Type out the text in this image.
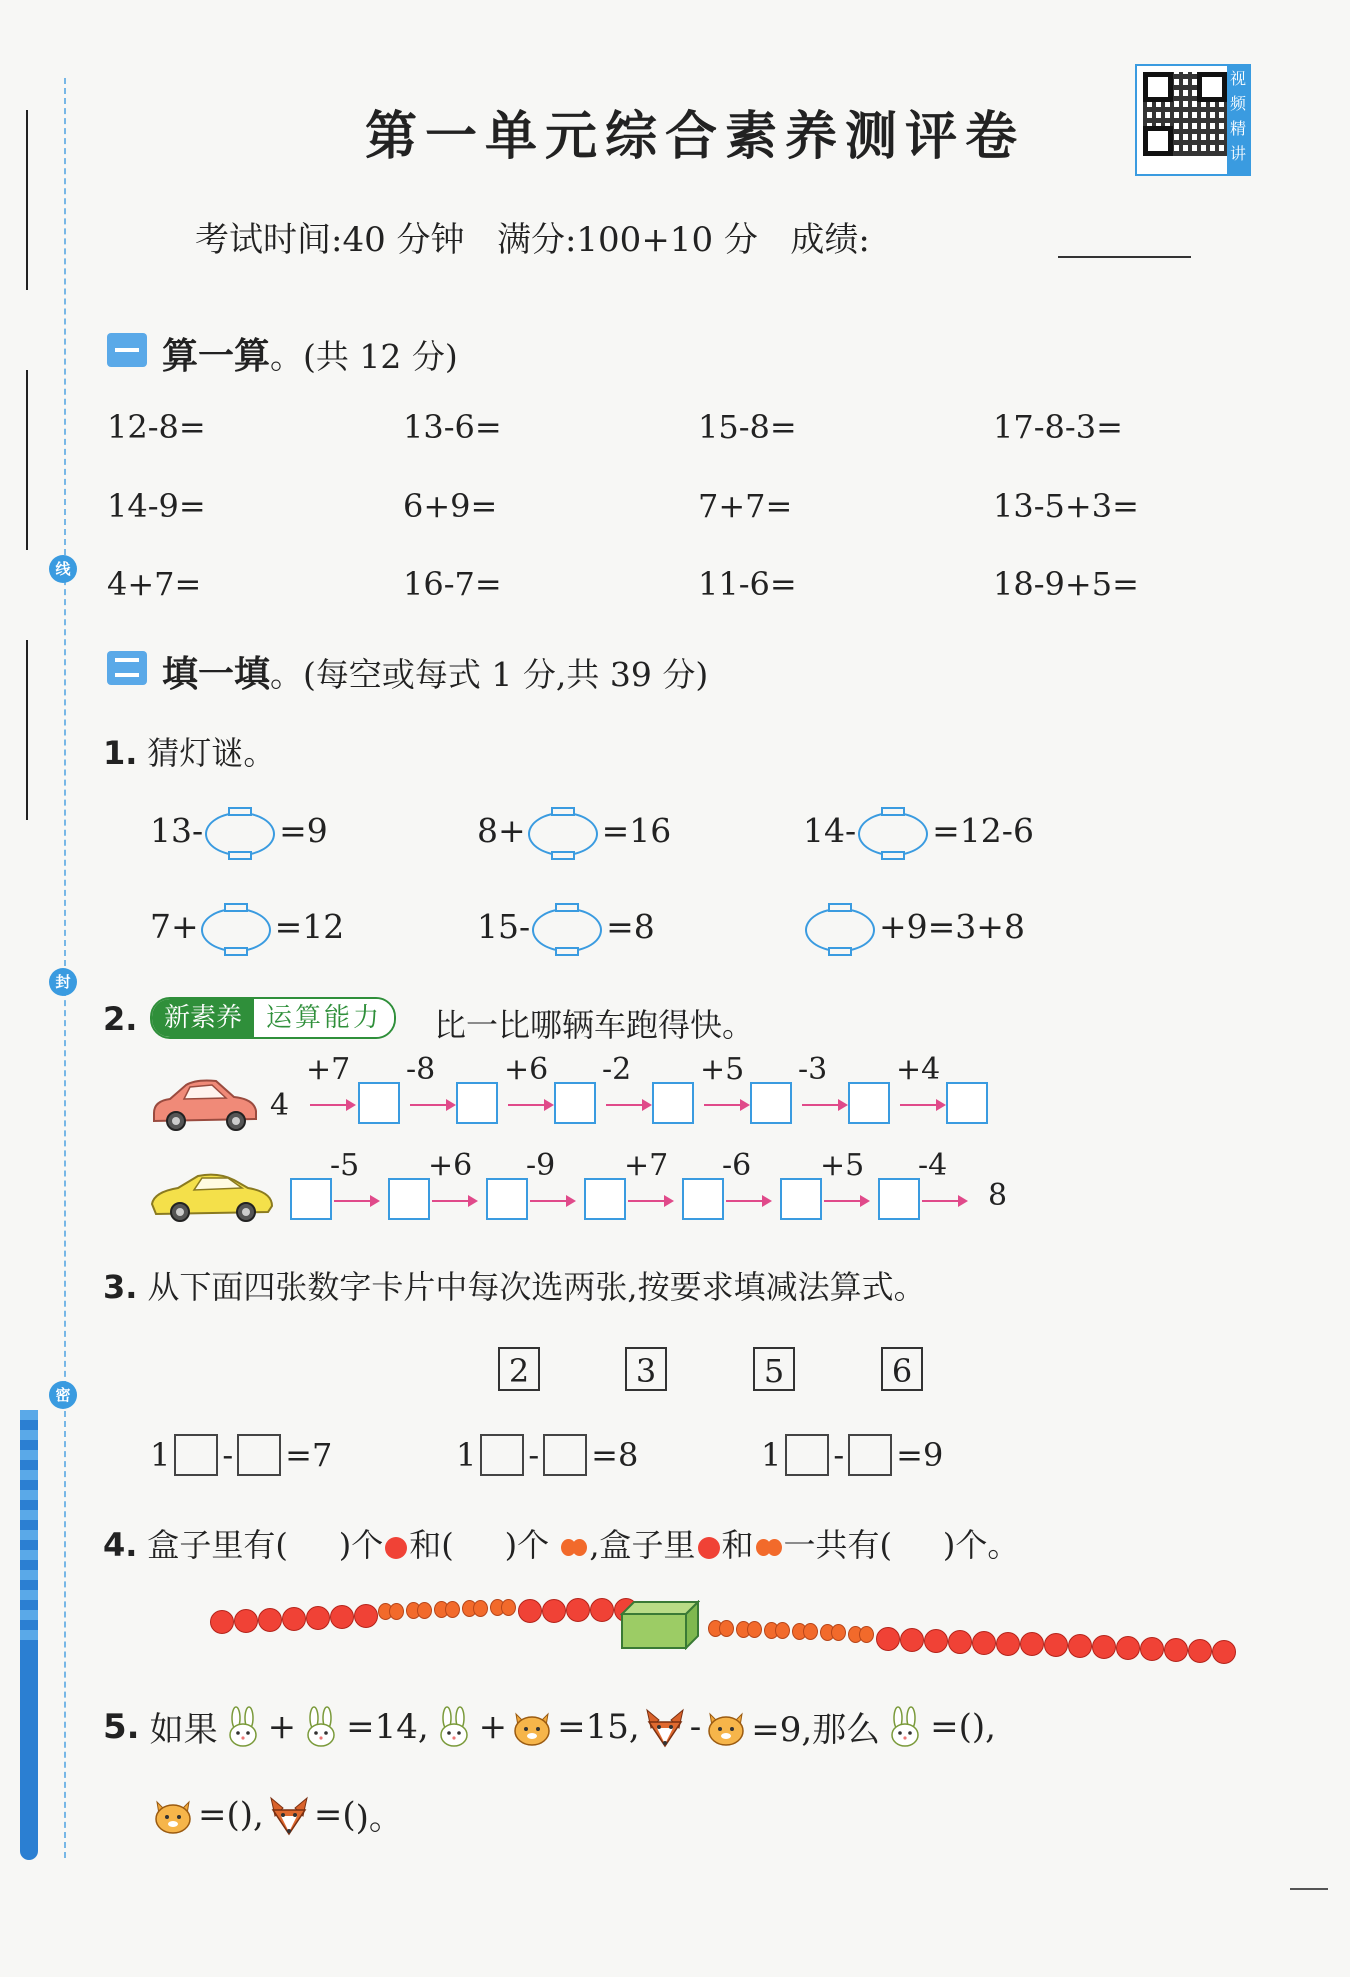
线
封
密
第一单元综合素养测评卷
视频精讲
考试时间:40 分钟 满分:100+10 分 成绩:
算一算。(共 12 分)
12-8=	13-6=	15-8=	17-8-3=
14-9=	6+9=	7+7=	13-5+3=
4+7=	16-7=	11-6=	18-9+5=
填一填。(每空或每式 1 分,共 39 分)
1. 猜灯谜。
13- =9	8+ =16	14- =12-6
7+ =12	15- =8	+9=3+8
2.	新素养 运算能力	比一比哪辆车跑得快。
4
8
+7 -8 +6 -2 +5 -3 +4
-5 +6 -9 +7 -6 +5 -4
3. 从下面四张数字卡片中每次选两张,按要求填减法算式。
2	3	5	6
1 - =7	1 - =8	1 - =9
4. 盒子里有( )个 和( )个 ,盒子里 和 一共有( )个。
5. 如果 + =14, + =15, - =9,那么 =( ),
=( ), =( )。
